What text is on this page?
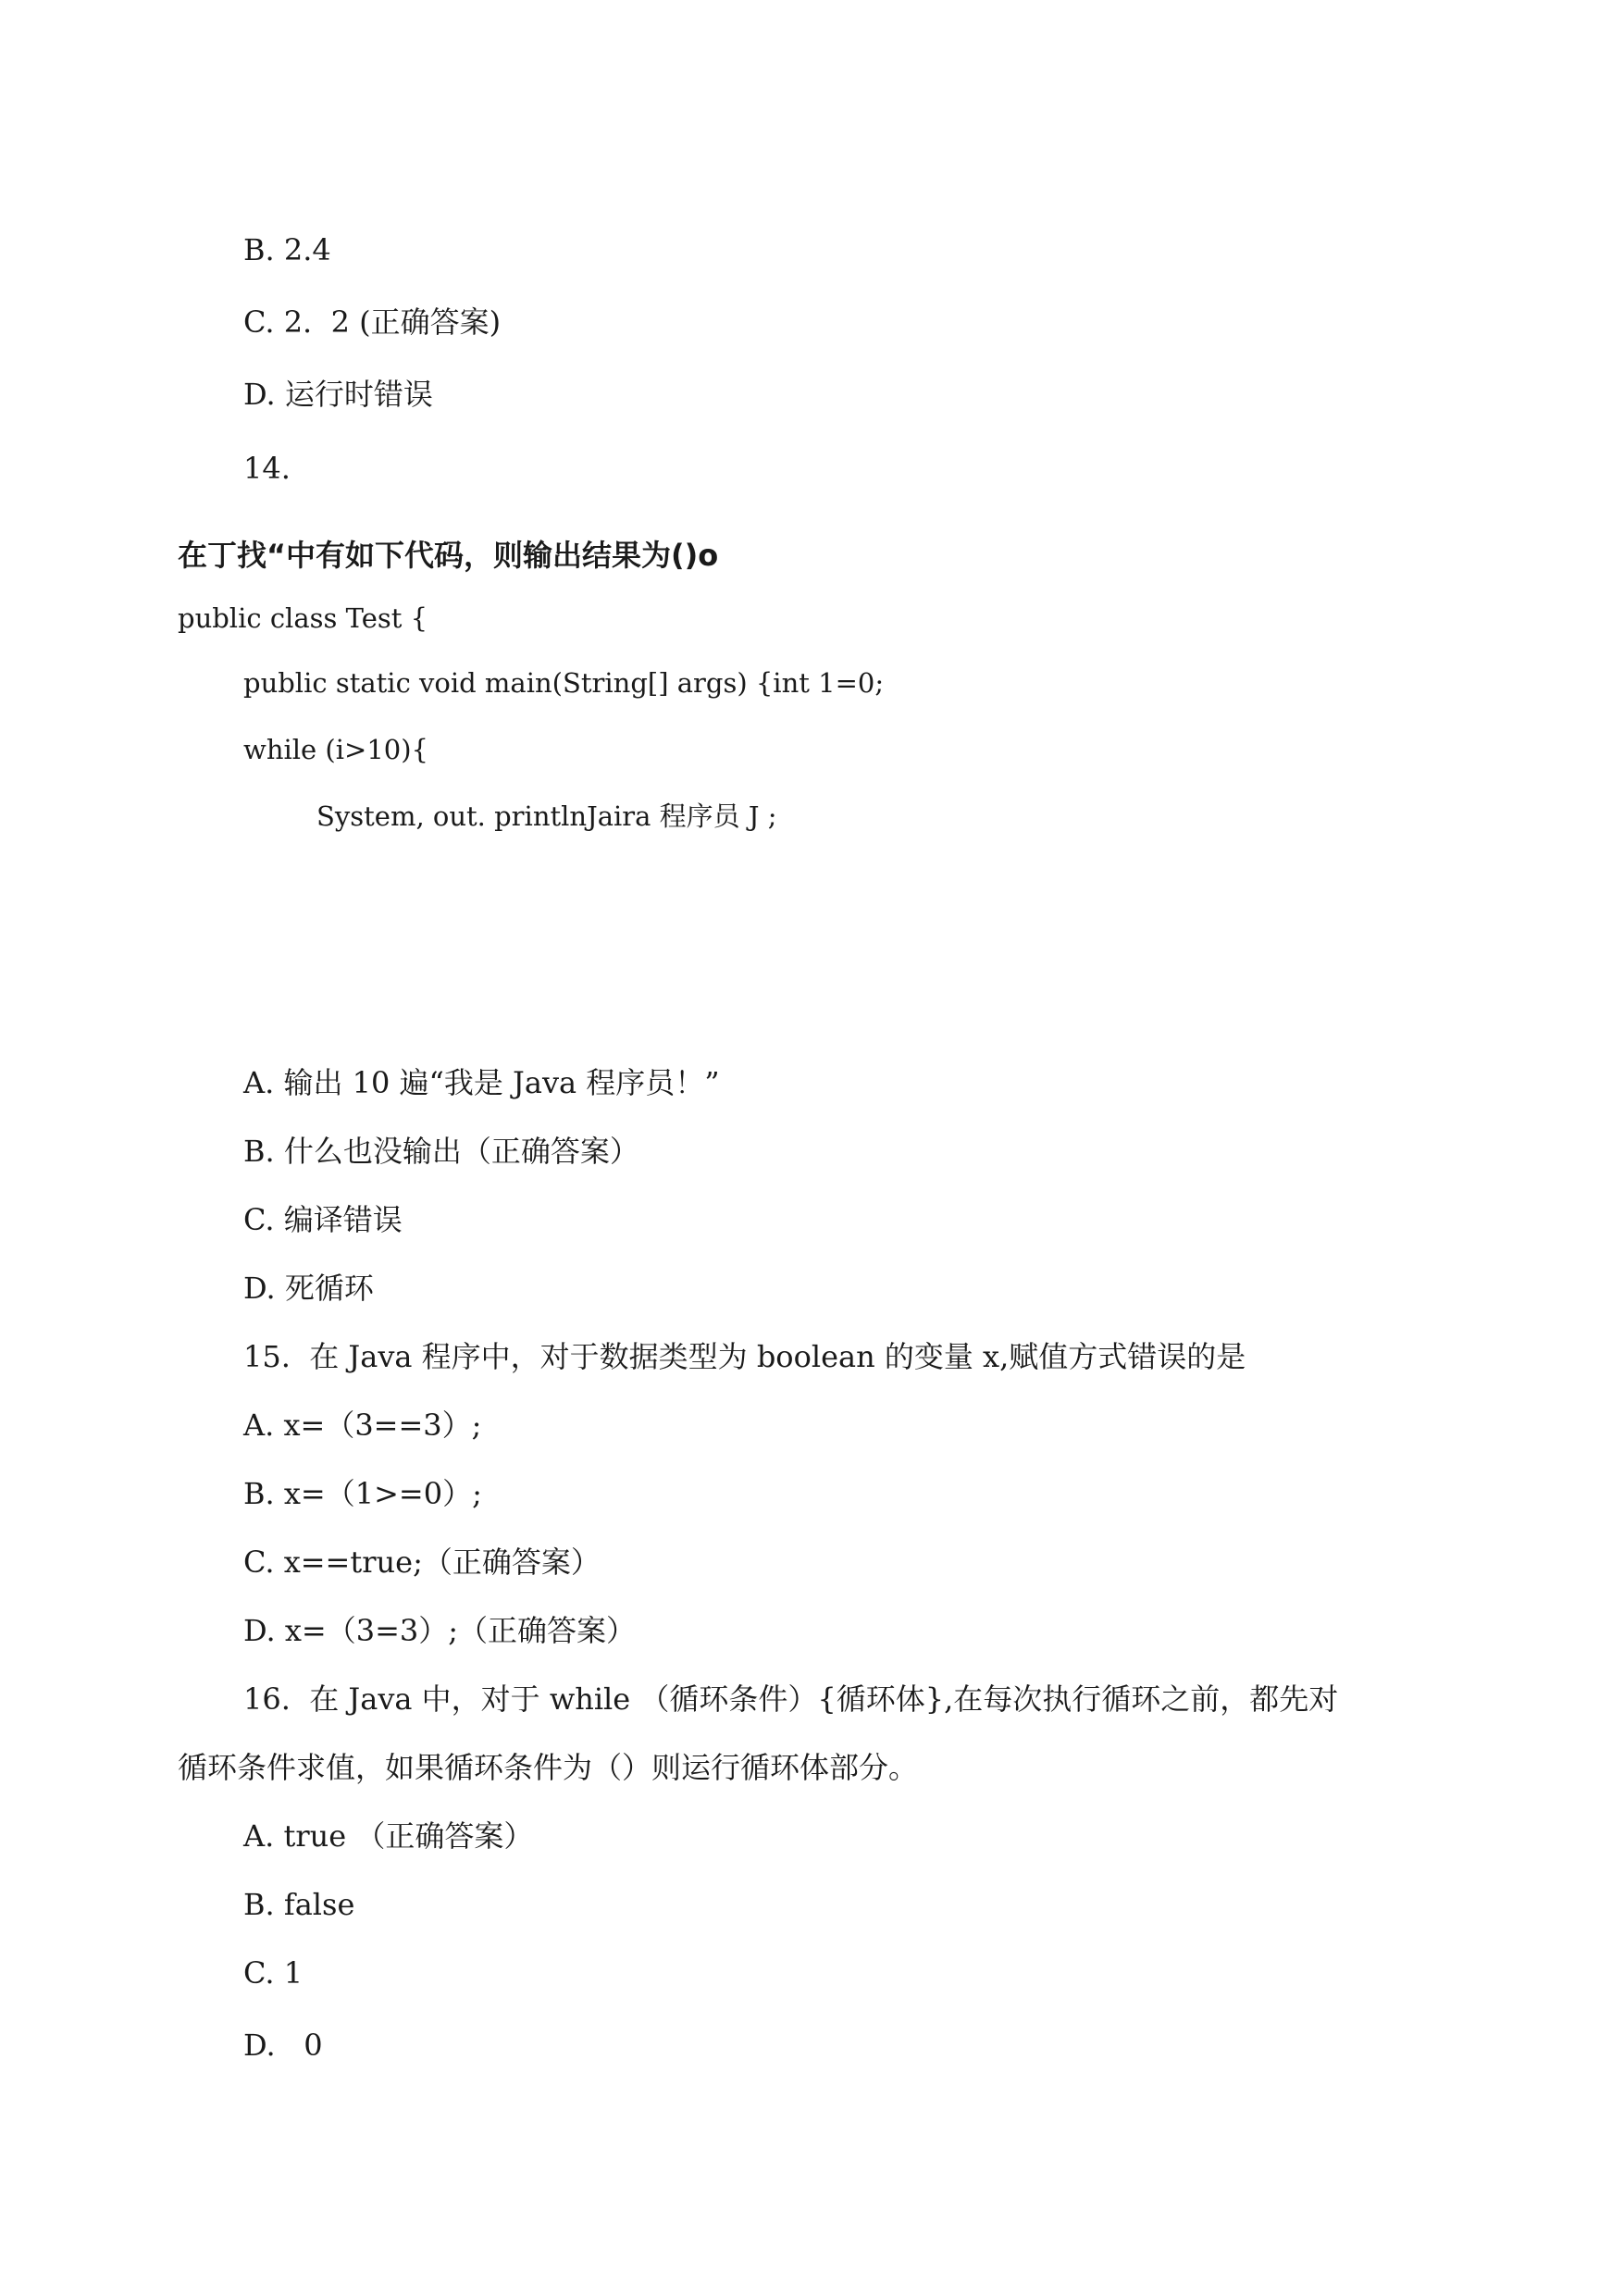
B. 2.4
C. 2.  2 (正确答案)
D. 运行时错误
14.
在丁找“中有如下代码，则输出结果为()o
public class Test {
public static void main(String[] args) {int 1=0;
while (i>10){
System, out. printlnJaira 程序员 J ;
A. 输出 10 遍“我是 Java 程序员！”
B. 什么也没输出（正确答案）
C. 编译错误
D. 死循环
15.  在 Java 程序中，对于数据类型为 boolean 的变量 x,赋值方式错误的是
A. x=（3==3）;
B. x=（1>=0）;
C. x==true;（正确答案）
D. x=（3=3）;（正确答案）
16.  在 Java 中，对于 while （循环条件）{循环体},在每次执行循环之前，都先对
循环条件求值，如果循环条件为（）则运行循环体部分。
A. true （正确答案）
B. false
C. 1
D.   0
